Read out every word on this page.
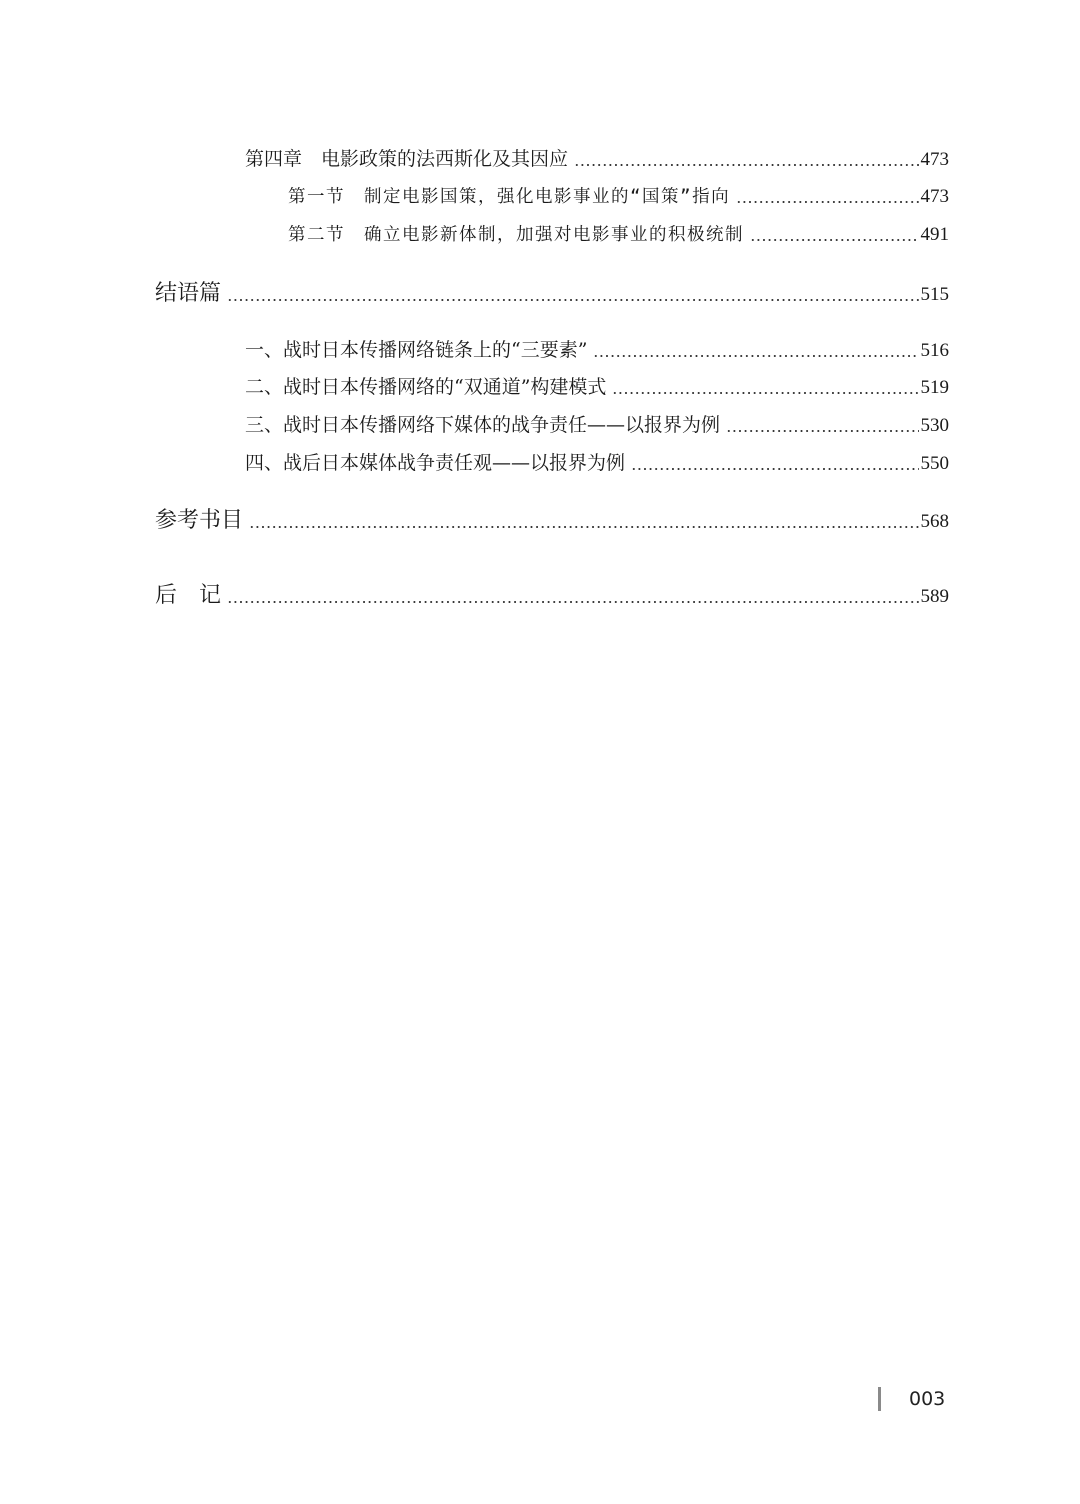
第四章　电影政策的法西斯化及其因应	473
第一节　制定电影国策，强化电影事业的“国策”指向	473
第二节　确立电影新体制，加强对电影事业的积极统制	491
结语篇	515
一、战时日本传播网络链条上的“三要素”	516
二、战时日本传播网络的“双通道”构建模式	519
三、战时日本传播网络下媒体的战争责任——以报界为例	530
四、战后日本媒体战争责任观——以报界为例	550
参考书目	568
后　记	589
003
